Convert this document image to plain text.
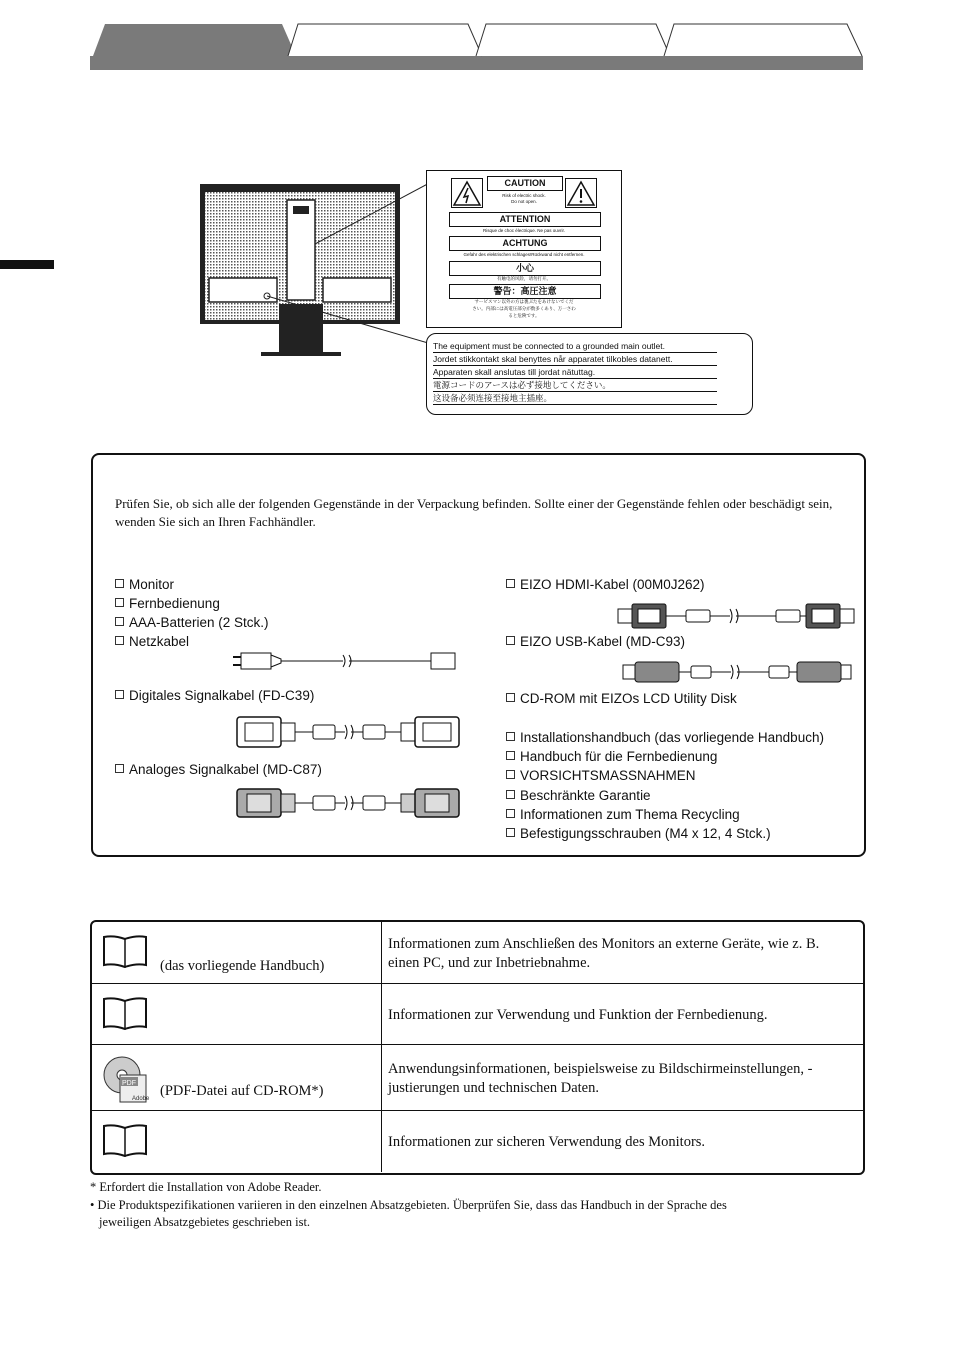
CAUTION
Risk of electric shock.
Do not open.
ATTENTION
Risque de choc électrique. Ne pas ouvrir.
ACHTUNG
Gefahr des elektrischen schlages!Rückwand nicht entfernen.
小心
有触电的风险，请勿打开。
警告：高圧注意
サービスマン以外の方は裏ぶたをあけないでくだ
さい。内部には高電圧部分が数多くあり、万一さわ
ると危険です。
The equipment must be connected to a grounded main outlet.
Jordet stikkontakt skal benyttes når apparatet tilkobles datanett.
Apparaten skall anslutas till jordat nätuttag.
電源コードのアースは必ず接地してください。
这设备必须连接至接地主插座。
Prüfen Sie, ob sich alle der folgenden Gegenstände in der Verpackung befinden. Sollte einer der Gegenstände fehlen oder beschädigt sein, wenden Sie sich an Ihren Fachhändler.
Monitor
Fernbedienung
AAA-Batterien (2 Stck.)
Netzkabel
Digitales Signalkabel (FD-C39)
Analoges Signalkabel (MD-C87)
EIZO HDMI-Kabel (00M0J262)
EIZO USB-Kabel (MD-C93)
CD-ROM mit EIZOs LCD Utility Disk
Installationshandbuch (das vorliegende Handbuch)
Handbuch für die Fernbedienung
VORSICHTSMASSNAHMEN
Beschränkte Garantie
Informationen zum Thema Recycling
Befestigungsschrauben (M4 x 12, 4 Stck.)
(das vorliegende Handbuch)
Informationen zum Anschließen des Monitors an externe Geräte, wie z. B. einen PC, und zur Inbetriebnahme.
Informationen zur Verwendung und Funktion der Fernbedienung.
PDF
Adobe (PDF-Datei auf CD-ROM*)
Anwendungsinformationen, beispielsweise zu Bildschirmeinstellungen, -justierungen und technischen Daten.
Informationen zur sicheren Verwendung des Monitors.
* Erfordert die Installation von Adobe Reader.
• Die Produktspezifikationen variieren in den einzelnen Absatzgebieten. Überprüfen Sie, dass das Handbuch in der Sprache des
jeweiligen Absatzgebietes geschrieben ist.
